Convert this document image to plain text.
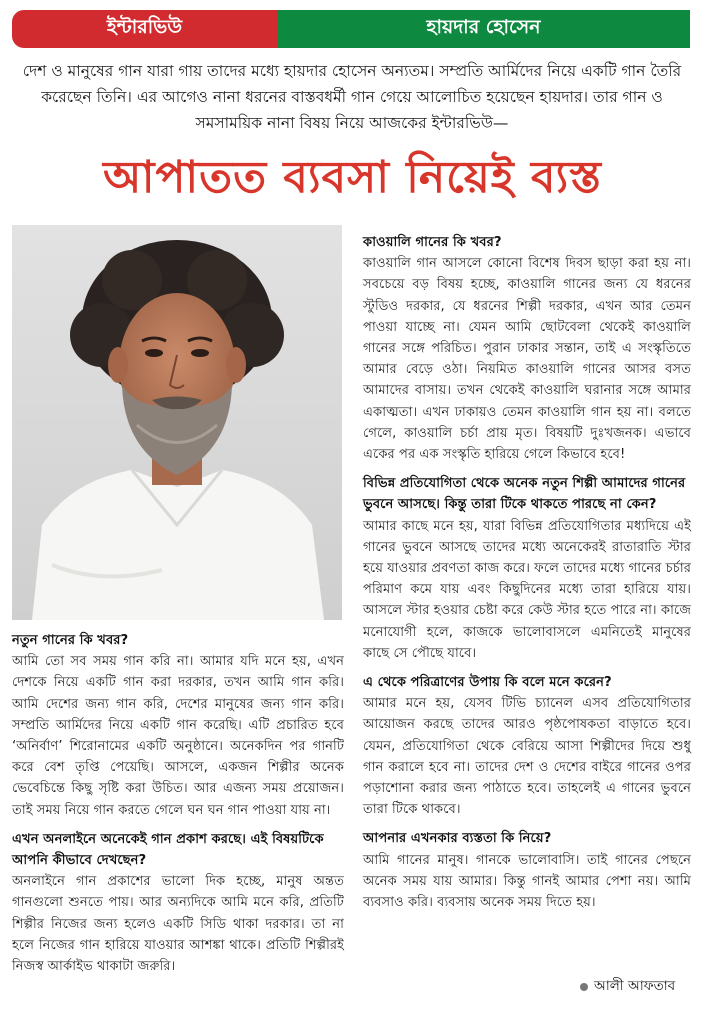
ইন্টারভিউ	হায়দার হোসেন
দেশ ও মানুষের গান যারা গায় তাদের মধ্যে হায়দার হোসেন অন্যতম। সম্প্রতি আর্মিদের নিয়ে একটি গান তৈরি করেছেন তিনি। এর আগেও নানা ধরনের বাস্তবধর্মী গান গেয়ে আলোচিত হয়েছেন হায়দার। তার গান ও সমসাময়িক নানা বিষয় নিয়ে আজকের ইন্টারভিউ—
আপাতত ব্যবসা নিয়েই ব্যস্ত
নতুন গানের কি খবর?
আমি তো সব সময় গান করি না। আমার যদি মনে হয়, এখন দেশকে নিয়ে একটি গান করা দরকার, তখন আমি গান করি। আমি দেশের জন্য গান করি, দেশের মানুষের জন্য গান করি। সম্প্রতি আর্মিদের নিয়ে একটি গান করেছি। এটি প্রচারিত হবে ‘অনির্বাণ’ শিরোনামের একটি অনুষ্ঠানে। অনেকদিন পর গানটি করে বেশ তৃপ্তি পেয়েছি। আসলে, একজন শিল্পীর অনেক ভেবেচিন্তে কিছু সৃষ্টি করা উচিত। আর এজন্য সময় প্রয়োজন। তাই সময় নিয়ে গান করতে গেলে ঘন ঘন গান পাওয়া যায় না।
এখন অনলাইনে অনেকেই গান প্রকাশ করছে। এই বিষয়টিকে আপনি কীভাবে দেখছেন?
অনলাইনে গান প্রকাশের ভালো দিক হচ্ছে, মানুষ অন্তত গানগুলো শুনতে পায়। আর অন্যদিকে আমি মনে করি, প্রতিটি শিল্পীর নিজের জন্য হলেও একটি সিডি থাকা দরকার। তা না হলে নিজের গান হারিয়ে যাওয়ার আশঙ্কা থাকে। প্রতিটি শিল্পীরই নিজস্ব আর্কাইভ থাকাটা জরুরি।
কাওয়ালি গানের কি খবর?
কাওয়ালি গান আসলে কোনো বিশেষ দিবস ছাড়া করা হয় না। সবচেয়ে বড় বিষয় হচ্ছে, কাওয়ালি গানের জন্য যে ধরনের স্টুডিও দরকার, যে ধরনের শিল্পী দরকার, এখন আর তেমন পাওয়া যাচ্ছে না। যেমন আমি ছোটবেলা থেকেই কাওয়ালি গানের সঙ্গে পরিচিত। পুরান ঢাকার সন্তান, তাই এ সংস্কৃতিতে আমার বেড়ে ওঠা। নিয়মিত কাওয়ালি গানের আসর বসত আমাদের বাসায়। তখন থেকেই কাওয়ালি ঘরানার সঙ্গে আমার একাত্মতা। এখন ঢাকায়ও তেমন কাওয়ালি গান হয় না। বলতে গেলে, কাওয়ালি চর্চা প্রায় মৃত। বিষয়টি দুঃখজনক। এভাবে একের পর এক সংস্কৃতি হারিয়ে গেলে কিভাবে হবে!
বিভিন্ন প্রতিযোগিতা থেকে অনেক নতুন শিল্পী আমাদের গানের ভুবনে আসছে। কিন্তু তারা টিকে থাকতে পারছে না কেন?
আমার কাছে মনে হয়, যারা বিভিন্ন প্রতিযোগিতার মধ্যদিয়ে এই গানের ভুবনে আসছে তাদের মধ্যে অনেকেরই রাতারাতি স্টার হয়ে যাওয়ার প্রবণতা কাজ করে। ফলে তাদের মধ্যে গানের চর্চার পরিমাণ কমে যায় এবং কিছুদিনের মধ্যে তারা হারিয়ে যায়। আসলে স্টার হওয়ার চেষ্টা করে কেউ স্টার হতে পারে না। কাজে মনোযোগী হলে, কাজকে ভালোবাসলে এমনিতেই মানুষের কাছে সে পৌছে যাবে।
এ থেকে পরিত্রাণের উপায় কি বলে মনে করেন?
আমার মনে হয়, যেসব টিভি চ্যানেল এসব প্রতিযোগিতার আয়োজন করছে তাদের আরও পৃষ্ঠপোষকতা বাড়াতে হবে। যেমন, প্রতিযোগিতা থেকে বেরিয়ে আসা শিল্পীদের দিয়ে শুধু গান করালে হবে না। তাদের দেশ ও দেশের বাইরে গানের ওপর পড়াশোনা করার জন্য পাঠাতে হবে। তাহলেই এ গানের ভুবনে তারা টিকে থাকবে।
আপনার এখনকার ব্যস্ততা কি নিয়ে?
আমি গানের মানুষ। গানকে ভালোবাসি। তাই গানের পেছনে অনেক সময় যায় আমার। কিন্তু গানই আমার পেশা নয়। আমি ব্যবসাও করি। ব্যবসায় অনেক সময় দিতে হয়।
আলী আফতাব
